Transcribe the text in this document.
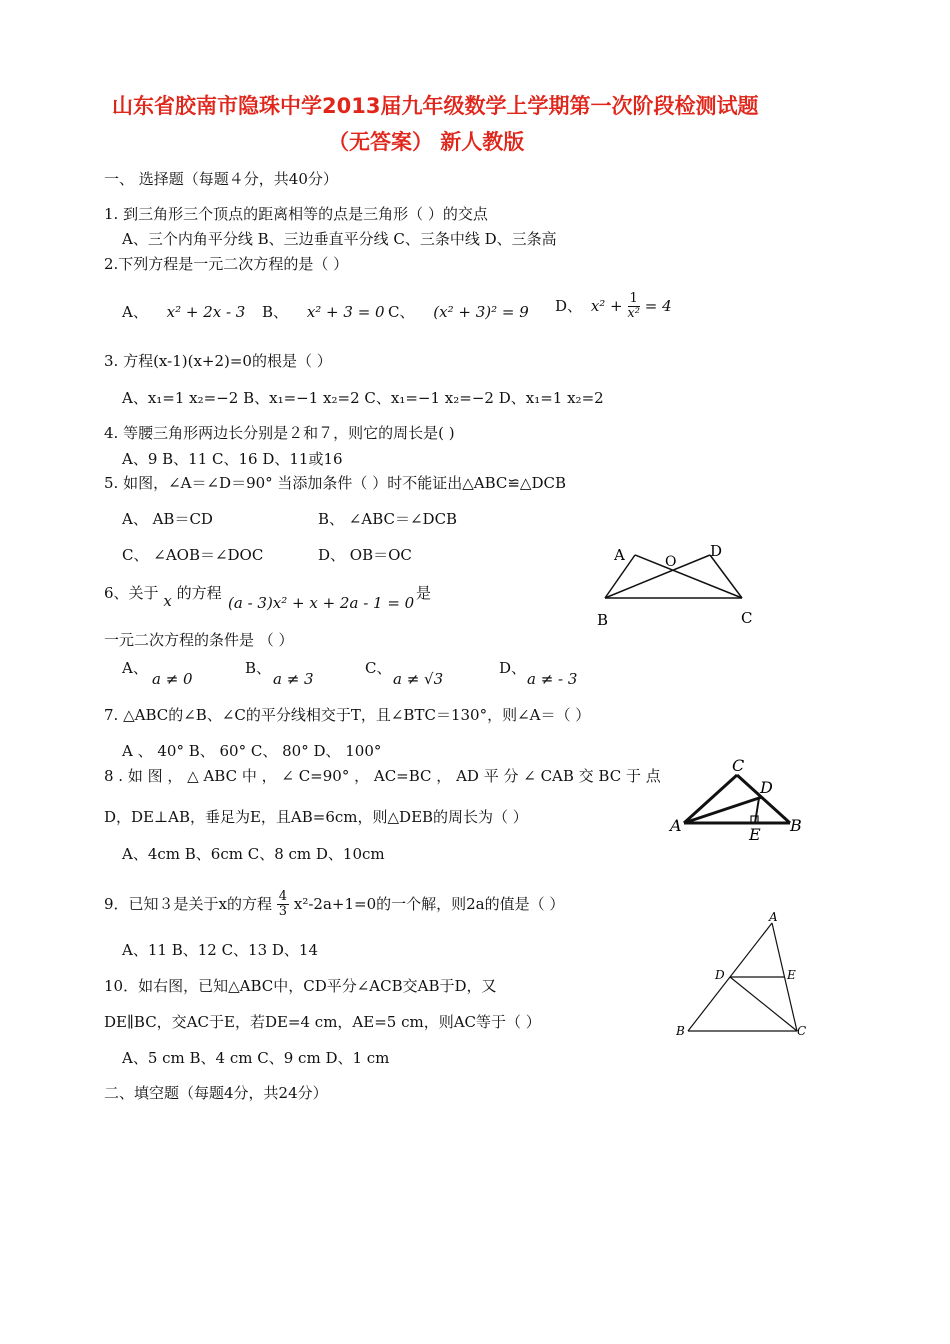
山东省胶南市隐珠中学2013届九年级数学上学期第一次阶段检测试题
（无答案） 新人教版
一、 选择题（每题４分，共40分）
1. 到三角形三个顶点的距离相等的点是三角形（ ）的交点
A、三个内角平分线 B、三边垂直平分线 C、三条中线 D、三条高
2.下列方程是一元二次方程的是（ ）
A、 x² + 2x - 3 B、 x² + 3 = 0 C、 (x² + 3)² = 9 D、 $x^2 + \frac{1}{\text{x²}} = 4$
3. 方程(x-1)(x+2)=0的根是（ ）
A、x₁=1 x₂=−2 B、x₁=−1 x₂=2 C、x₁=−1 x₂=−2 D、x₁=1 x₂=2
4. 等腰三角形两边长分别是２和７，则它的周长是( )
A、9 B、11 C、16 D、11或16
5. 如图，∠A＝∠D＝90° 当添加条件（ ）时不能证出△ABC≌△DCB
A、 AB＝CD	B、 ∠ABC＝∠DCB
C、 ∠AOB＝∠DOC	D、 OB＝OC	A	O
D
B	C
6、关于 x 的方程
(a - 3)x² + x + 2a - 1 = 0
是
一元二次方程的条件是 （ ）
A、
a ≠ 0
B、
a ≠ 3
C、
a ≠ √3
D、
a ≠ - 3
7. △ABC的∠B、∠C的平分线相交于T，且∠BTC＝130°，则∠A＝（ ）
A 、 40° B、 60° C、 80° D、 100°
8 . 如 图 ， △ ABC 中 ， ∠ C=90° ， AC=BC ， AD 平 分 ∠ CAB 交 BC 于 点
D，DE⊥AB，垂足为E，且AB=6cm，则△DEB的周长为（ ）
A、4cm B、6cm C、8 cm D、10cm
A	B
C
D
E
9．已知３是关于x的方程 $\frac{4}{3} x^2-2a+1=0$的一个解，则2a的值是（ ）
A、11 B、12 C、13 D、14
10．如右图，已知△ABC中，CD平分∠ACB交AB于D，又
DE∥BC，交AC于E，若DE=4 cm，AE=5 cm，则AC等于（ ）
A、5 cm B、4 cm C、9 cm D、1 cm
A
D	E
B	C
二、填空题（每题4分，共24分）
